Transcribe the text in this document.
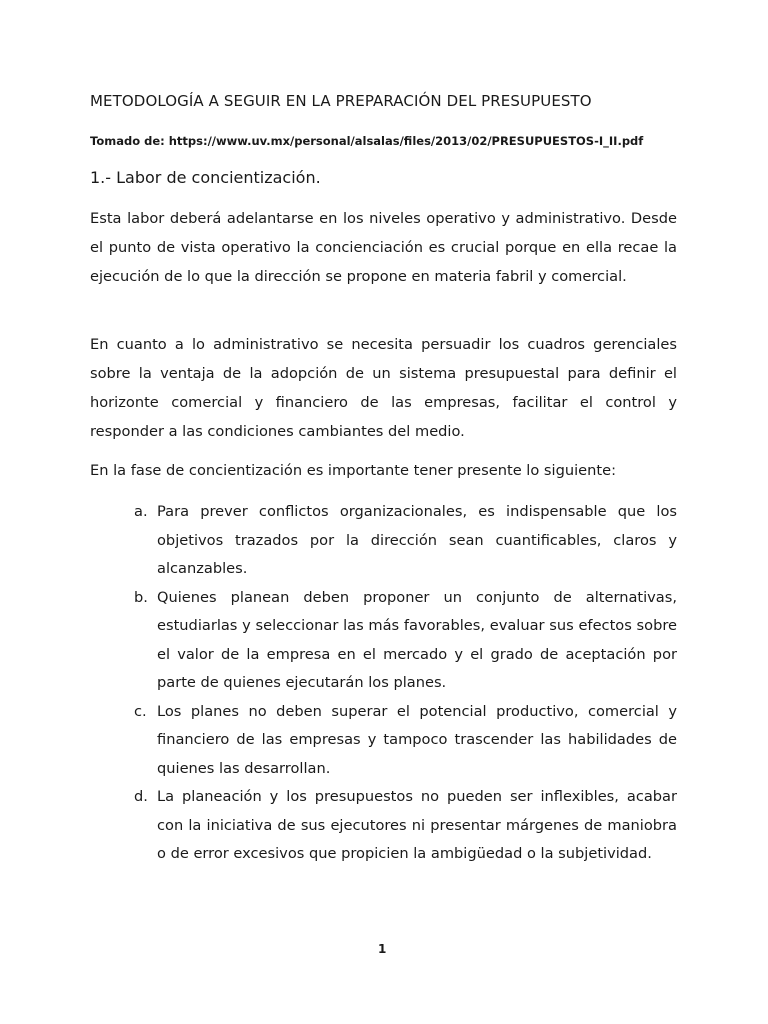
METODOLOGÍA A SEGUIR EN LA PREPARACIÓN DEL PRESUPUESTO

Tomado de: https://www.uv.mx/personal/alsalas/files/2013/02/PRESUPUESTOS-I_II.pdf

1.- Labor de concientización.

Esta labor deberá adelantarse en los niveles operativo y administrativo. Desde el punto de vista operativo la concienciación es crucial porque en ella recae la ejecución de lo que la dirección se propone en materia fabril y comercial.

En cuanto a lo administrativo se necesita persuadir los cuadros gerenciales sobre la ventaja de la adopción de un sistema presupuestal para definir el horizonte comercial y financiero de las empresas, facilitar el control y responder a las condiciones cambiantes del medio.

En la fase de concientización es importante tener presente lo siguiente:

a. Para prever conflictos organizacionales, es indispensable que los objetivos trazados por la dirección sean cuantificables, claros y alcanzables.
b. Quienes planean deben proponer un conjunto de alternativas, estudiarlas y seleccionar las más favorables, evaluar sus efectos sobre el valor de la empresa en el mercado y el grado de aceptación por parte de quienes ejecutarán los planes.
c. Los planes no deben superar el potencial productivo, comercial y financiero de las empresas y tampoco trascender las habilidades de quienes las desarrollan.
d. La planeación y los presupuestos no pueden ser inflexibles, acabar con la iniciativa de sus ejecutores ni presentar márgenes de maniobra o de error excesivos que propicien la ambigüedad o la subjetividad.

1
